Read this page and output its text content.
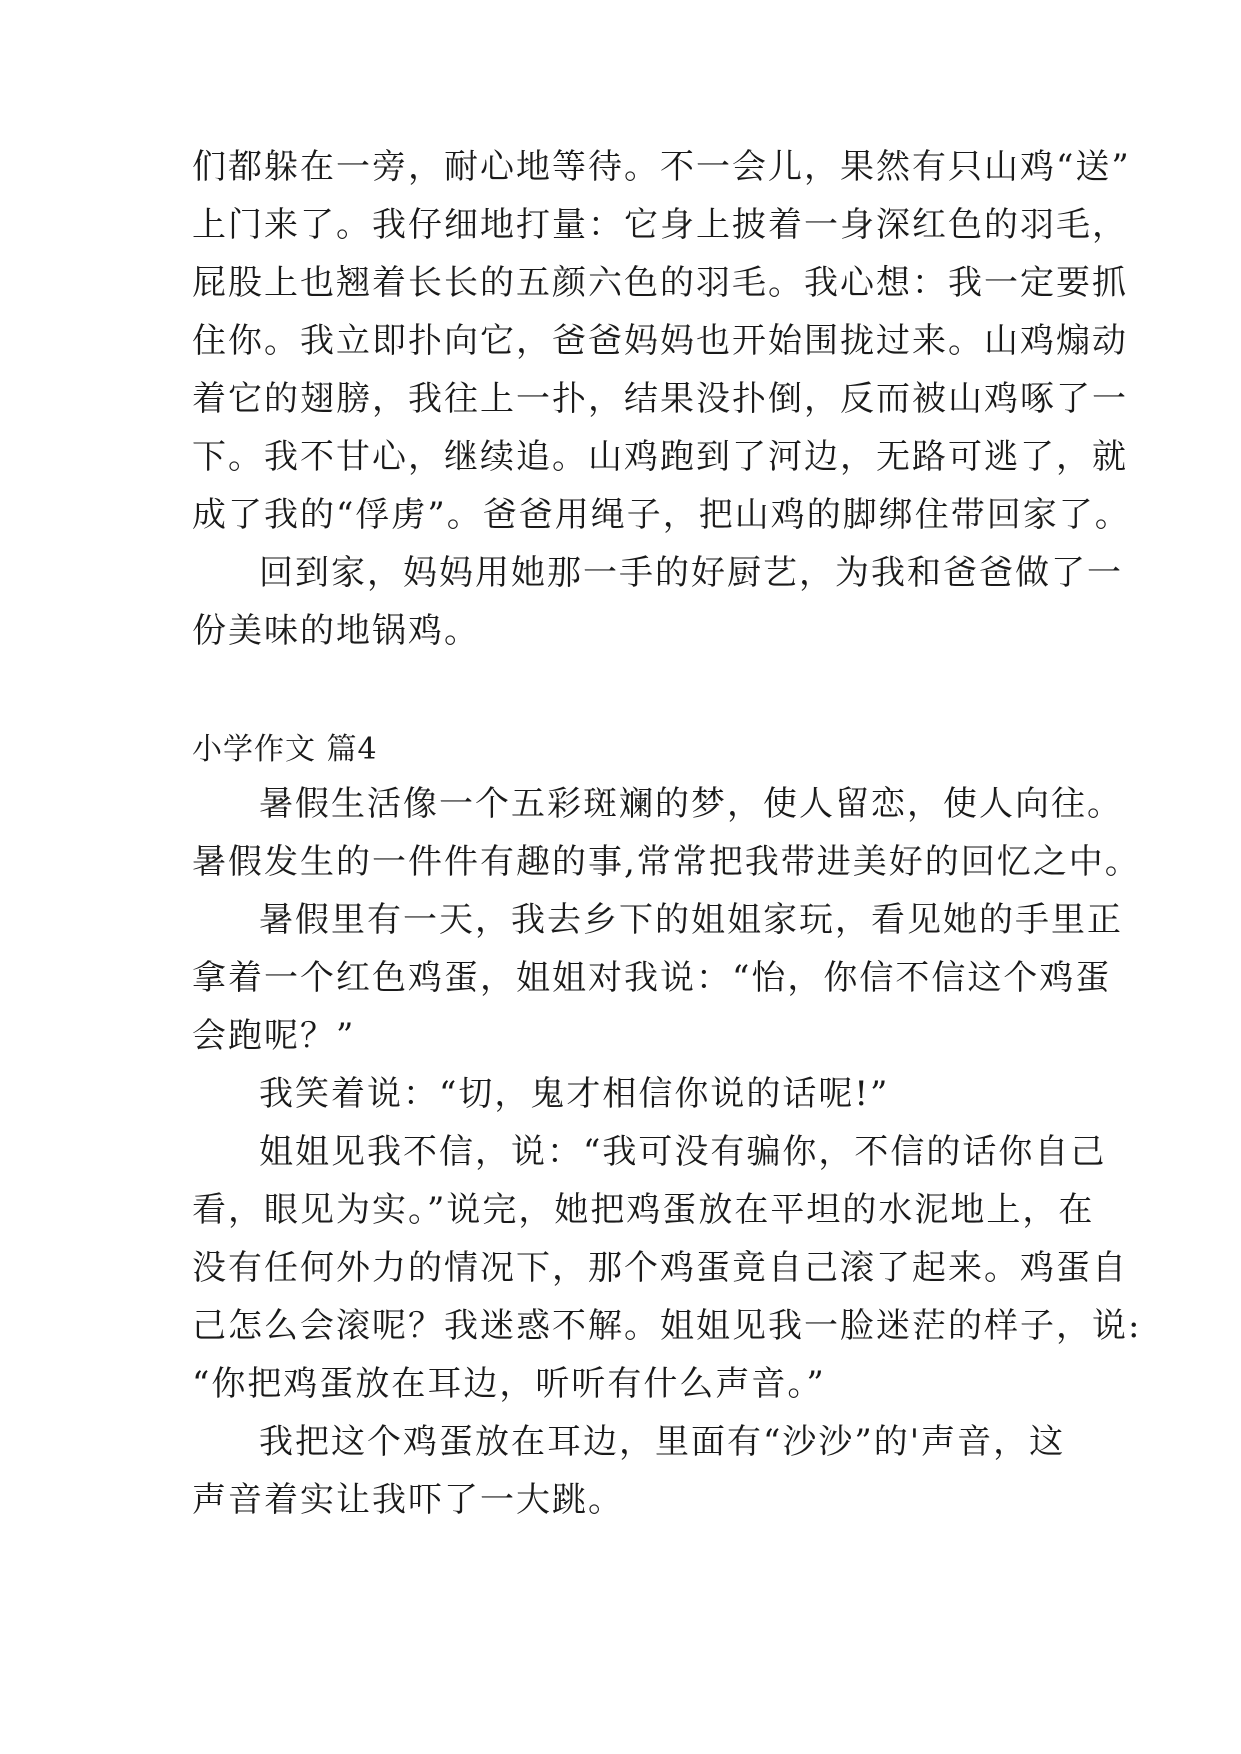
们都躲在一旁，耐心地等待。不一会儿，果然有只山鸡“送”
上门来了。我仔细地打量：它身上披着一身深红色的羽毛，
屁股上也翘着长长的五颜六色的羽毛。我心想：我一定要抓
住你。我立即扑向它，爸爸妈妈也开始围拢过来。山鸡煽动
着它的翅膀，我往上一扑，结果没扑倒，反而被山鸡啄了一
下。我不甘心，继续追。山鸡跑到了河边，无路可逃了，就
成了我的“俘虏”。爸爸用绳子，把山鸡的脚绑住带回家了。
回到家，妈妈用她那一手的好厨艺，为我和爸爸做了一
份美味的地锅鸡。
小学作文 篇4
暑假生活像一个五彩斑斓的梦，使人留恋，使人向往。
暑假发生的一件件有趣的事,常常把我带进美好的回忆之中。
暑假里有一天，我去乡下的姐姐家玩，看见她的手里正
拿着一个红色鸡蛋，姐姐对我说：“怡，你信不信这个鸡蛋
会跑呢？”
我笑着说：“切，鬼才相信你说的话呢!”
姐姐见我不信，说：“我可没有骗你，不信的话你自己
看，眼见为实。”说完，她把鸡蛋放在平坦的水泥地上，在
没有任何外力的情况下，那个鸡蛋竟自己滚了起来。鸡蛋自
己怎么会滚呢？我迷惑不解。姐姐见我一脸迷茫的样子，说:
“你把鸡蛋放在耳边，听听有什么声音。”
我把这个鸡蛋放在耳边，里面有“沙沙”的'声音，这
声音着实让我吓了一大跳。
